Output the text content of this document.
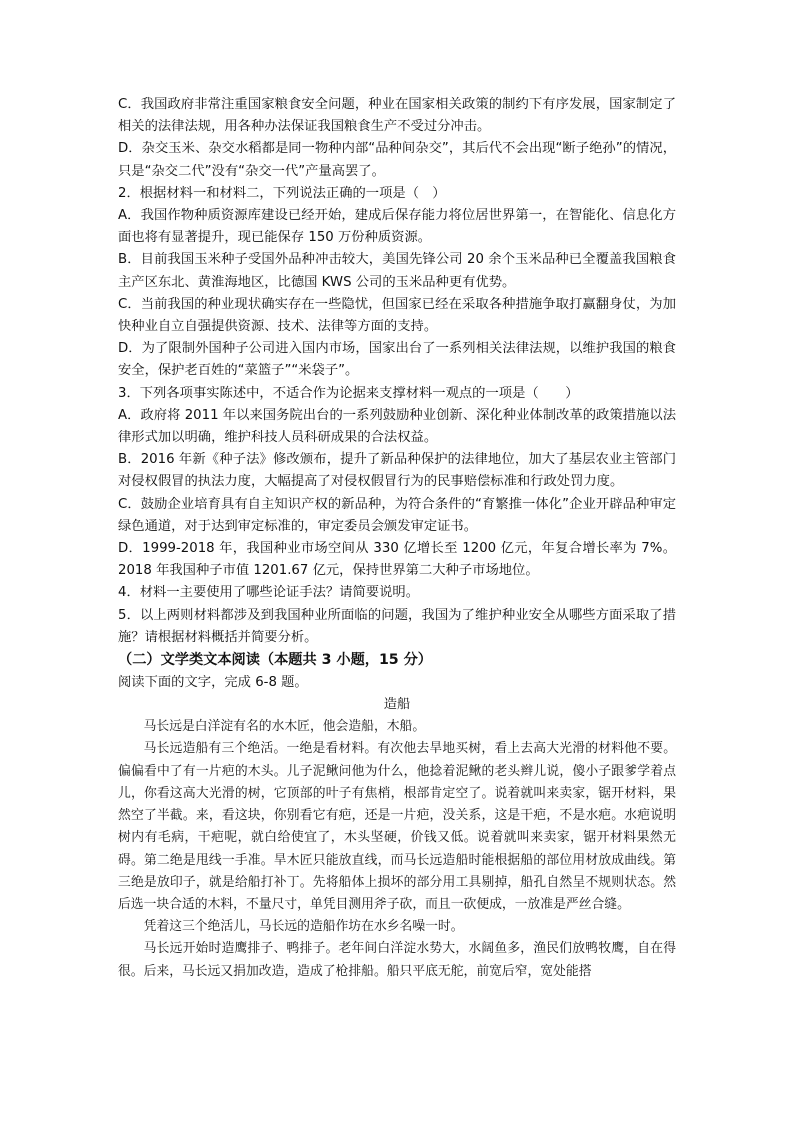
C．我国政府非常注重国家粮食安全问题，种业在国家相关政策的制约下有序发展，国家制定了相关的法律法规，用各种办法保证我国粮食生产不受过分冲击。

D．杂交玉米、杂交水稻都是同一物种内部“品种间杂交”，其后代不会出现“断子绝孙”的情况，只是“杂交二代”没有“杂交一代”产量高罢了。

2．根据材料一和材料二，下列说法正确的一项是（　）

A．我国作物种质资源库建设已经开始，建成后保存能力将位居世界第一，在智能化、信息化方面也将有显著提升，现已能保存 150 万份种质资源。

B．目前我国玉米种子受国外品种冲击较大，美国先锋公司 20 余个玉米品种已全覆盖我国粮食主产区东北、黄淮海地区，比德国 KWS 公司的玉米品种更有优势。

C．当前我国的种业现状确实存在一些隐忧，但国家已经在采取各种措施争取打赢翻身仗，为加快种业自立自强提供资源、技术、法律等方面的支持。

D．为了限制外国种子公司进入国内市场，国家出台了一系列相关法律法规，以维护我国的粮食安全，保护老百姓的“菜篮子”“米袋子”。

3．下列各项事实陈述中，不适合作为论据来支撑材料一观点的一项是（　　）

A．政府将 2011 年以来国务院出台的一系列鼓励种业创新、深化种业体制改革的政策措施以法律形式加以明确，维护科技人员科研成果的合法权益。

B．2016 年新《种子法》修改颁布，提升了新品种保护的法律地位，加大了基层农业主管部门对侵权假冒的执法力度，大幅提高了对侵权假冒行为的民事赔偿标准和行政处罚力度。

C．鼓励企业培育具有自主知识产权的新品种，为符合条件的“育繁推一体化”企业开辟品种审定绿色通道，对于达到审定标准的，审定委员会颁发审定证书。

D．1999-2018 年，我国种业市场空间从 330 亿增长至 1200 亿元，年复合增长率为 7%。2018 年我国种子市值 1201.67 亿元，保持世界第二大种子市场地位。

4．材料一主要使用了哪些论证手法？请简要说明。

5．以上两则材料都涉及到我国种业所面临的问题，我国为了维护种业安全从哪些方面采取了措施？请根据材料概括并简要分析。

（二）文学类文本阅读（本题共 3 小题，15 分）

阅读下面的文字，完成 6-8 题。

造船

马长远是白洋淀有名的水木匠，他会造船，木船。

马长远造船有三个绝活。一绝是看材料。有次他去旱地买树，看上去高大光滑的材料他不要。偏偏看中了有一片疤的木头。儿子泥鳅问他为什么，他捻着泥鳅的老头辫儿说，傻小子跟爹学着点儿，你看这高大光滑的树，它顶部的叶子有焦梢，根部肯定空了。说着就叫来卖家，锯开材料，果然空了半截。来，看这块，你别看它有疤，还是一片疤，没关系，这是干疤，不是水疤。水疤说明树内有毛病，干疤呢，就白给使宜了，木头坚硬，价钱又低。说着就叫来卖家，锯开材料果然无碍。第二绝是甩线一手准。旱木匠只能放直线，而马长远造船时能根据船的部位用材放成曲线。第三绝是放印子，就是给船打补丁。先将船体上损坏的部分用工具剔掉，船孔自然呈不规则状态。然后选一块合适的木料，不量尺寸，单凭目测用斧子砍，而且一砍便成，一放准是严丝合缝。

凭着这三个绝活儿，马长远的造船作坊在水乡名噪一时。

马长远开始时造鹰排子、鸭排子。老年间白洋淀水势大，水阔鱼多，渔民们放鸭牧鹰，自在得很。后来，马长远又捐加改造，造成了枪排船。船只平底无舵，前宽后窄，宽处能搭
